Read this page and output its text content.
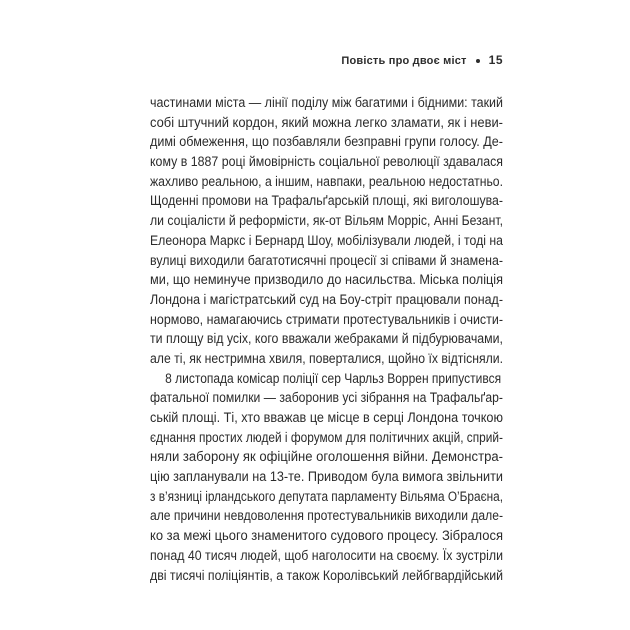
Повість про двоє міст 15
частинами міста — лінії поділу між багатими і бідними: такий
собі штучний кордон, який можна легко зламати, як і неви-
димі обмеження, що позбавляли безправні групи голосу. Де-
кому в 1887 році ймовірність соціальної революції здавалася
жахливо реальною, а іншим, навпаки, реальною недостатньо.
Щоденні промови на Трафальґарській площі, які виголошува-
ли соціалісти й реформісти, як-от Вільям Морріс, Анні Безант,
Елеонора Маркс і Бернард Шоу, мобілізували людей, і тоді на
вулиці виходили багатотисячні процесії зі співами й знамена-
ми, що неминуче призводило до насильства. Міська поліція
Лондона і магістратський суд на Боу-стріт працювали понад-
нормово, намагаючись стримати протестувальників і очисти-
ти площу від усіх, кого вважали жебраками й підбурювачами,
але ті, як нестримна хвиля, поверталися, щойно їх відтісняли.
8 листопада комісар поліції сер Чарльз Воррен припустився
фатальної помилки — заборонив усі зібрання на Трафальґар-
ській площі. Ті, хто вважав це місце в серці Лондона точкою
єднання простих людей і форумом для політичних акцій, сприй-
няли заборону як офіційне оголошення війни. Демонстра-
цію запланували на 13-те. Приводом була вимога звільнити
з в’язниці ірландського депутата парламенту Вільяма О’Браєна,
але причини невдоволення протестувальників виходили дале-
ко за межі цього знаменитого судового процесу. Зібралося
понад 40 тисяч людей, щоб наголосити на своєму. Їх зустріли
дві тисячі поліціянтів, а також Королівський лейбгвардійський
